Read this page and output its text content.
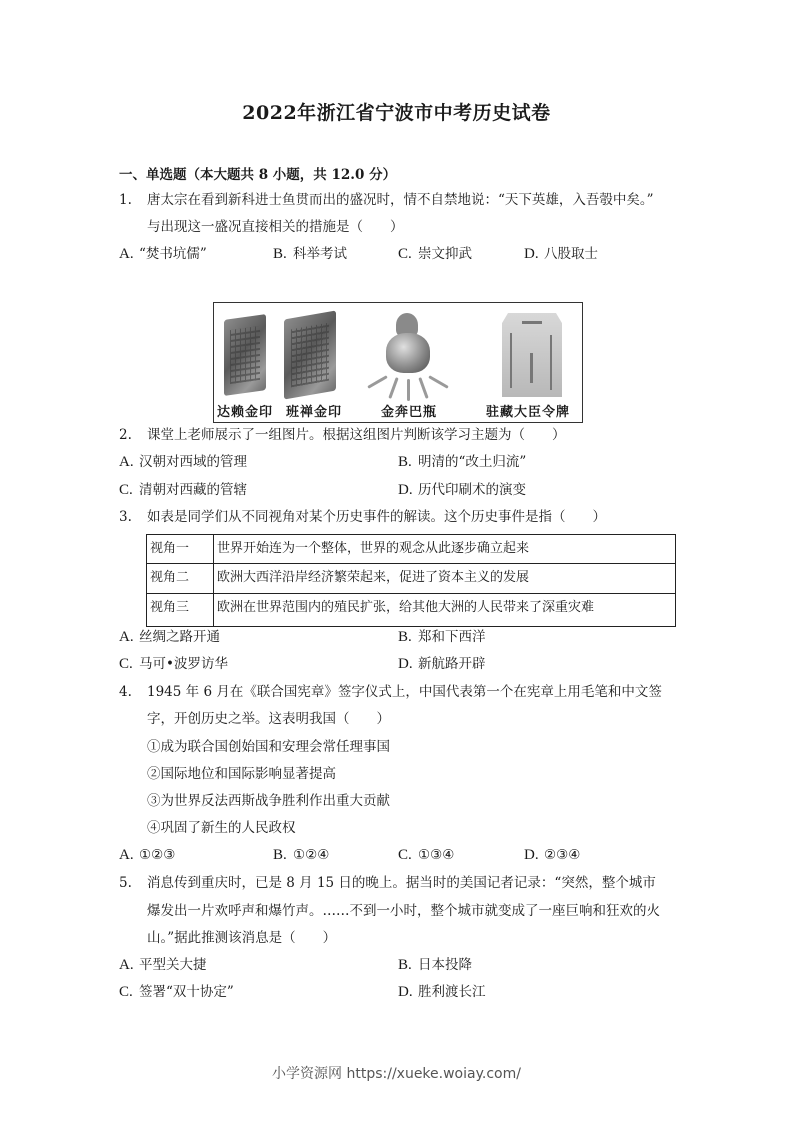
2022年浙江省宁波市中考历史试卷
一、单选题（本大题共 8 小题，共 12.0 分）
1. 唐太宗在看到新科进士鱼贯而出的盛况时，情不自禁地说：“天下英雄，入吾彀中矣。”
与出现这一盛况直接相关的措施是（　　）
A. “焚书坑儒”	B. 科举考试	C. 崇文抑武	D. 八股取士
达赖金印 班禅金印	金奔巴瓶	驻藏大臣令牌
2. 课堂上老师展示了一组图片。根据这组图片判断该学习主题为（　　）
A. 汉朝对西域的管理	B. 明清的“改土归流”
C. 清朝对西藏的管辖	D. 历代印刷术的演变
3. 如表是同学们从不同视角对某个历史事件的解读。这个历史事件是指（　　）
视角一	世界开始连为一个整体，世界的观念从此逐步确立起来
视角二	欧洲大西洋沿岸经济繁荣起来，促进了资本主义的发展
视角三	欧洲在世界范围内的殖民扩张，给其他大洲的人民带来了深重灾难
A. 丝绸之路开通	B. 郑和下西洋
C. 马可•波罗访华	D. 新航路开辟
4. 1945 年 6 月在《联合国宪章》签字仪式上，中国代表第一个在宪章上用毛笔和中文签
字，开创历史之举。这表明我国（　　）
①成为联合国创始国和安理会常任理事国
②国际地位和国际影响显著提高
③为世界反法西斯战争胜利作出重大贡献
④巩固了新生的人民政权
A. ①②③	B. ①②④	C. ①③④	D. ②③④
5. 消息传到重庆时，已是 8 月 15 日的晚上。据当时的美国记者记录：“突然，整个城市
爆发出一片欢呼声和爆竹声。……不到一小时，整个城市就变成了一座巨响和狂欢的火
山。”据此推测该消息是（　　）
A. 平型关大捷	B. 日本投降
C. 签署“双十协定”	D. 胜利渡长江
小学资源网 https://xueke.woiay.com/
